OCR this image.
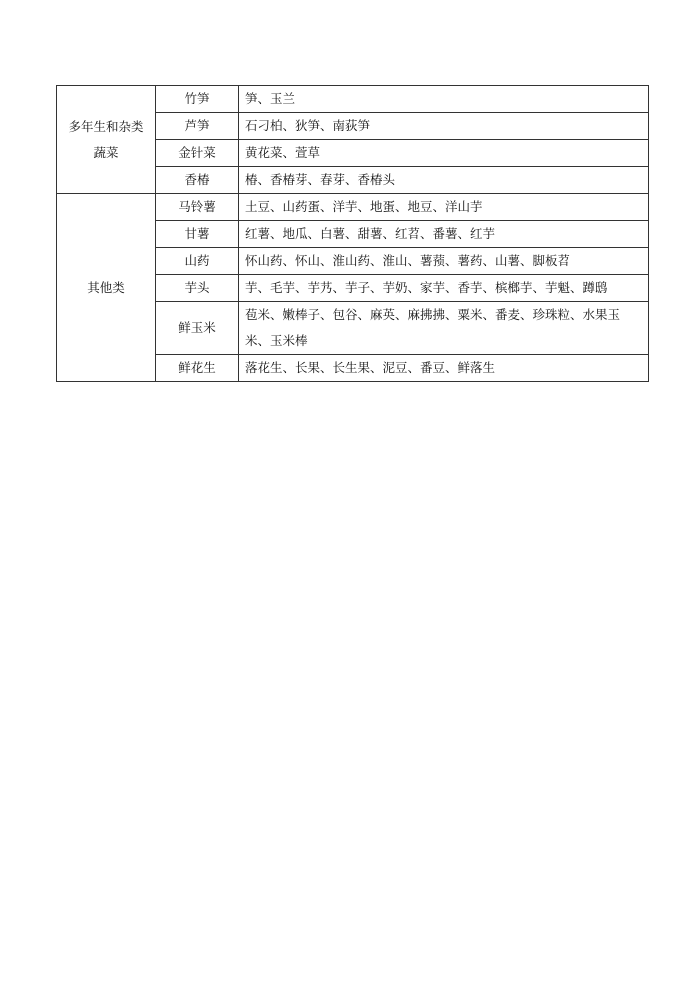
多年生和杂类
蔬菜	竹笋	笋、玉兰
	芦笋	石刁柏、狄笋、南荻笋
	金针菜	黄花菜、萱草
	香椿	椿、香椿芽、春芽、香椿头

其他类	马铃薯	土豆、山药蛋、洋芋、地蛋、地豆、洋山芋
	甘薯	红薯、地瓜、白薯、甜薯、红苕、番薯、红芋
	山药	怀山药、怀山、淮山药、淮山、薯蓣、薯药、山薯、脚板苕
	芋头	芋、毛芋、芋艿、芋子、芋奶、家芋、香芋、槟榔芋、芋魁、蹲鸱
	鲜玉米	苞米、嫩棒子、包谷、麻英、麻拂拂、粟米、番麦、珍珠粒、水果玉米、玉米棒
	鲜花生	落花生、长果、长生果、泥豆、番豆、鲜落生
